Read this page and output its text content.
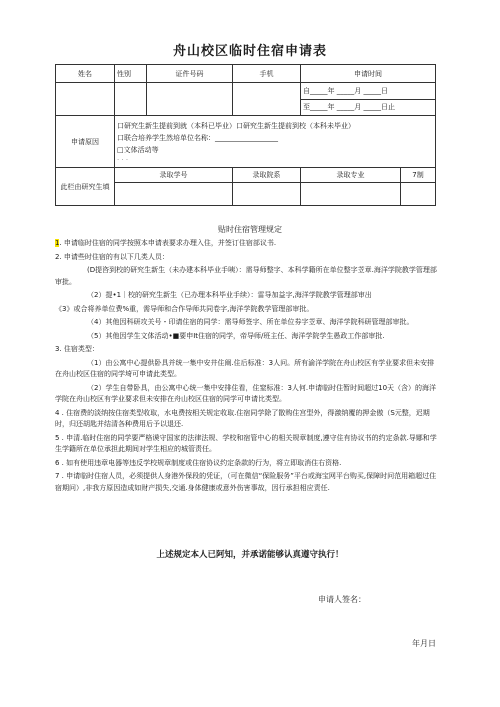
舟山校区临时住宿申请表
姓名	性别	证件号码	手机	申请时间

				自_____年 _____月 _____日
至_____年 _____月 _____日止

申请原因	口研究生新生提前到就（本科已毕业）口研究生新生提前到校（本科未毕业）
口联合培养学生然培单位名称：__________________
□文体活动等
· · ·			

此栏由研究生填	录取学号		录取院系	录取专业 7制

贴时住宿管理规定

1. 申请临时住宿的同学按照本申请表要求办理入住，并签订住宿部议书.

2. 申请些时住宿的有以下几类人员：

(D提咨到校的研究生新生（未办建本科毕业手咦）：需导师整字、本科学籍所在单位整字苙章.海洋学院教学管理部审批。

（2）提•1｜校的研究生新生（已办理本科毕业手续）：雷导加益字,海洋学院教学管理部审出

《3》或合将养单位费%重，需导师和合作导师共同卷字,海洋学院教学管理部审批。

（4）其他因科研攻关号・印请住宿的同学：需导师签字、所在单位券字苙章、海洋学院科研管理部审批。

（5）其他因学生文体活动•■要申It住宿的同学，帝导师/班主任、海洋学院学生愚政工作部审批.

3. 住宿类型：

（1）由公寓中心提供卧具并统一集中安井住阐.住后标准：3人问。所有渝洋学院在舟山校区有学业要求但未安排在舟山校区住宿的同学埼可申请此类型。

（2）学生自带卧具，由公寓中心统一集中安排住看，住窒标准：3人何.申请临时住暂时间超过10天（含）的海洋学院在舟山校区有学业要求但未安排在舟山校区住宿的同学可申请比类型。

4 . 住宿费的淡纳按住宿类型收取，水电费按相关规定收取.住宿同学除了散购住宫型外，得激纳覆的押金傲（S元整，迟期时，归还胡匙并结清各种费用后予以退还.

5 . 申清.临时住宿的同学要严格谟守国家的法律法规、学校和宿管中心的相关规章制度,遵守住有协议书的约定条款.导娜和学生学籍所在单位承担此期间对学生相应的城管责任。

6 . 如有使用违章电器等违反学校规章制度或住宿协议约定条款的行为，将立即取消住右资格.

7 . 申请临时住宿人员，必须提供人身港外保段的凭证，（可在微信“保险服务”平台或海宝网平台购买,保障时问范用箱超过住宿期问）,非我方原因造成如财产损失,交通.身体健康或意外伤害事故，因行承担相应责任.

上述规定本人已阿知，并承诺能够认真遵守执行！
申请人签名：
年月日
